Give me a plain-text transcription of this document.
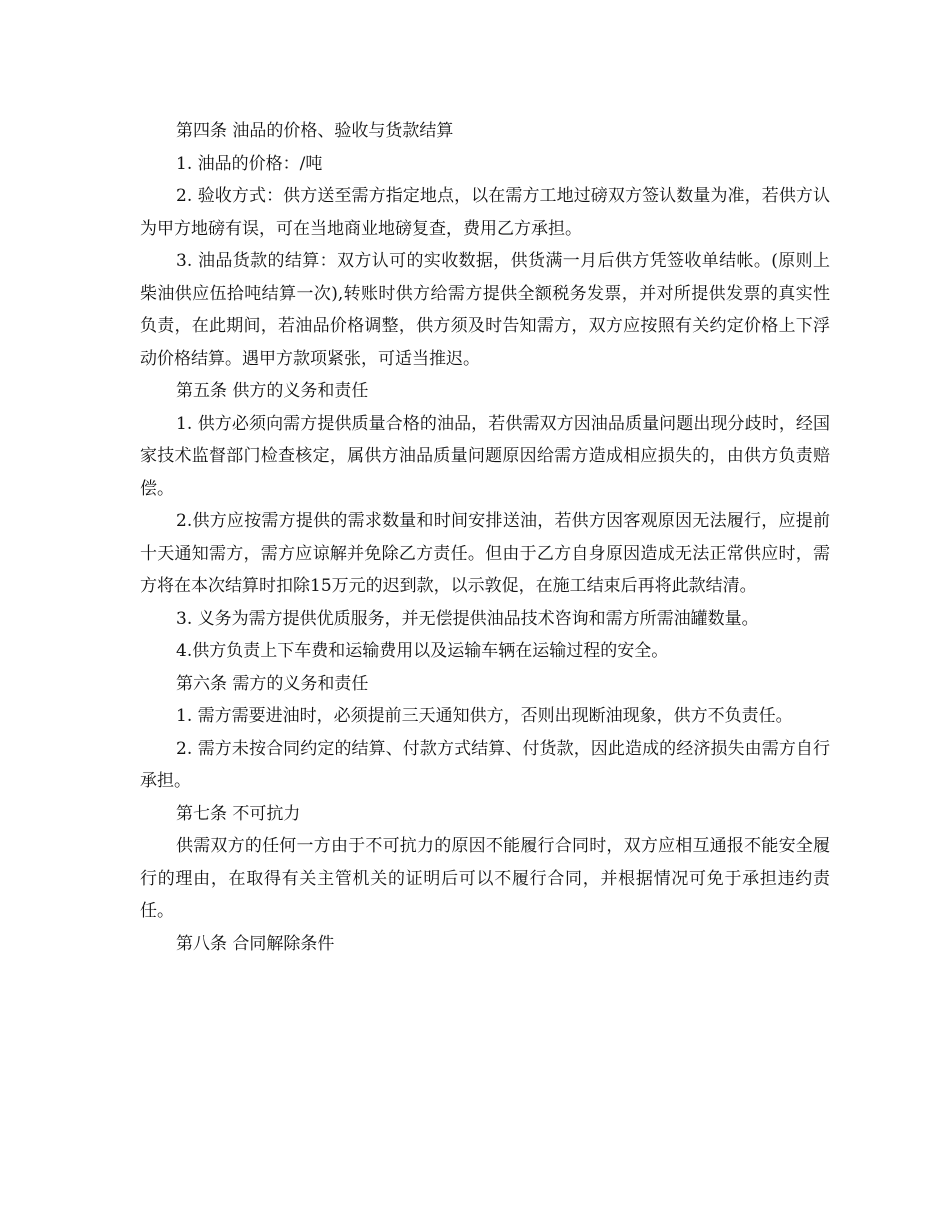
第四条 油品的价格、验收与货款结算

1. 油品的价格：/吨

2. 验收方式：供方送至需方指定地点，以在需方工地过磅双方签认数量为准，若供方认为甲方地磅有误，可在当地商业地磅复查，费用乙方承担。

3. 油品货款的结算：双方认可的实收数据，供货满一月后供方凭签收单结帐。(原则上柴油供应伍拾吨结算一次),转账时供方给需方提供全额税务发票，并对所提供发票的真实性负责，在此期间，若油品价格调整，供方须及时告知需方，双方应按照有关约定价格上下浮动价格结算。遇甲方款项紧张，可适当推迟。

第五条 供方的义务和责任

1. 供方必须向需方提供质量合格的油品，若供需双方因油品质量问题出现分歧时，经国家技术监督部门检查核定，属供方油品质量问题原因给需方造成相应损失的，由供方负责赔偿。

2.供方应按需方提供的需求数量和时间安排送油，若供方因客观原因无法履行，应提前十天通知需方，需方应谅解并免除乙方责任。但由于乙方自身原因造成无法正常供应时，需方将在本次结算时扣除15万元的迟到款，以示敦促，在施工结束后再将此款结清。

3. 义务为需方提供优质服务，并无偿提供油品技术咨询和需方所需油罐数量。

4.供方负责上下车费和运输费用以及运输车辆在运输过程的安全。

第六条 需方的义务和责任

1. 需方需要进油时，必须提前三天通知供方，否则出现断油现象，供方不负责任。

2. 需方未按合同约定的结算、付款方式结算、付货款，因此造成的经济损失由需方自行承担。

第七条 不可抗力

供需双方的任何一方由于不可抗力的原因不能履行合同时，双方应相互通报不能安全履行的理由，在取得有关主管机关的证明后可以不履行合同，并根据情况可免于承担违约责任。

第八条 合同解除条件
